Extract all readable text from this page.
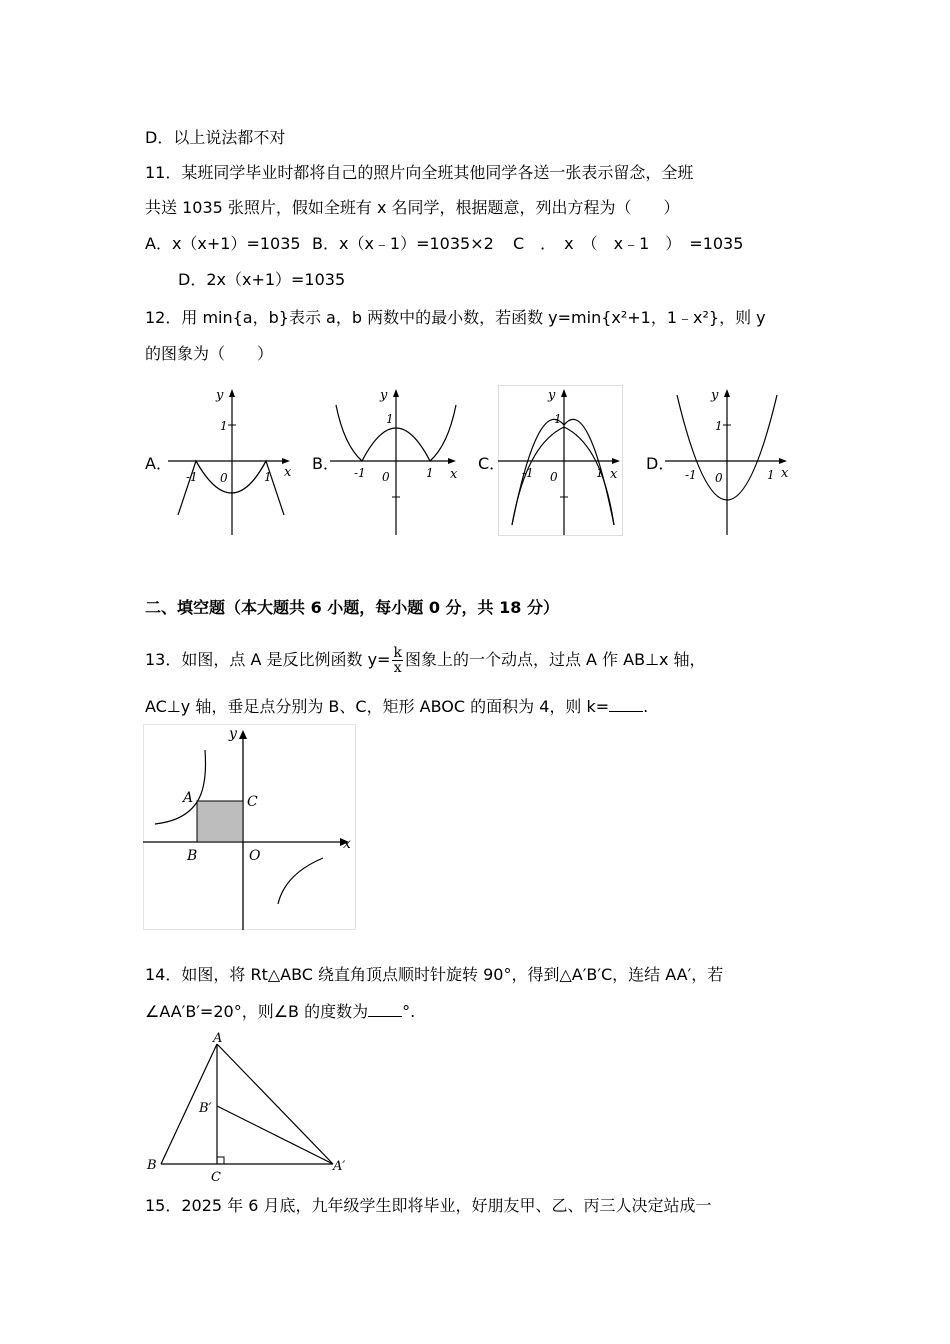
D．以上说法都不对
11．某班同学毕业时都将自己的照片向全班其他同学各送一张表示留念，全班
共送 1035 张照片，假如全班有 x 名同学，根据题意，列出方程为（　　）
A．x（x+1）=1035 B．x（x﹣1）=1035×2 C　．　x　（　x﹣1　）　=1035
D．2x（x+1）=1035
12．用 min{a，b}表示 a，b 两数中的最小数，若函数 y=min{x²+1，1﹣x²}，则 y
的图象为（　　）
A．	B．	C．	D．
y
x
1
-1	1
0
y
x
1
-1	1
0
y
x
1
-1	1
0
y
x
1
-1	1
0
二、填空题（本大题共 6 小题，每小题 0 分，共 18 分）
13．如图，点 A 是反比例函数 $y= \frac{k}{x}$ 图象上的一个动点，过点 A 作 AB⊥x 轴，
AC⊥y 轴，垂足点分别为 B、C，矩形 ABOC 的面积为 4，则 k= .
y
x
A
B
C
O
14．如图，将 Rt△ABC 绕直角顶点顺时针旋转 90°，得到△A′B′C，连结 AA′，若
∠AA′B′=20°，则∠B 的度数为 °.
A
B
C
B′
A′
15．2025 年 6 月底，九年级学生即将毕业，好朋友甲、乙、丙三人决定站成一
